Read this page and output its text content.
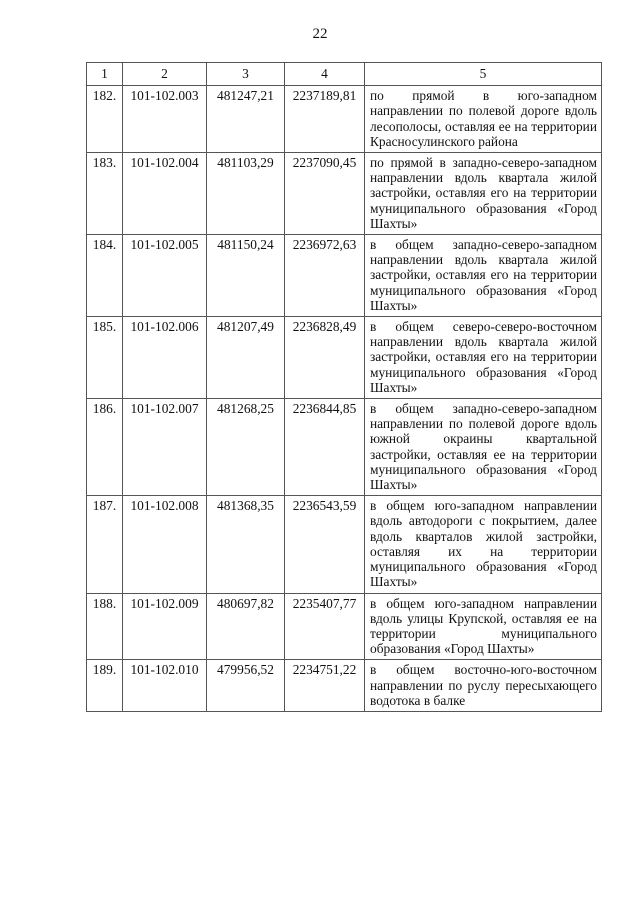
22
1	2	3	4	5
182.	101-102.003	481247,21	2237189,81	по прямой в юго-западном направлении по полевой дороге вдоль лесополосы, оставляя ее на территории Красносулинского района
183.	101-102.004	481103,29	2237090,45	по прямой в западно-северо-западном направлении вдоль квартала жилой застройки, оставляя его на территории муниципального образования «Город Шахты»
184.	101-102.005	481150,24	2236972,63	в общем западно-северо-западном направлении вдоль квартала жилой застройки, оставляя его на территории муниципального образования «Город Шахты»
185.	101-102.006	481207,49	2236828,49	в общем северо-северо-восточном направлении вдоль квартала жилой застройки, оставляя его на территории муниципального образования «Город Шахты»
186.	101-102.007	481268,25	2236844,85	в общем западно-северо-западном направлении по полевой дороге вдоль южной окраины квартальной застройки, оставляя ее на территории муниципального образования «Город Шахты»
187.	101-102.008	481368,35	2236543,59	в общем юго-западном направлении вдоль автодороги с покрытием, далее вдоль кварталов жилой застройки, оставляя их на территории муниципального образования «Город Шахты»
188.	101-102.009	480697,82	2235407,77	в общем юго-западном направлении вдоль улицы Крупской, оставляя ее на территории муниципального образования «Город Шахты»
189.	101-102.010	479956,52	2234751,22	в общем восточно-юго-восточном направлении по руслу пересыхающего водотока в балке
